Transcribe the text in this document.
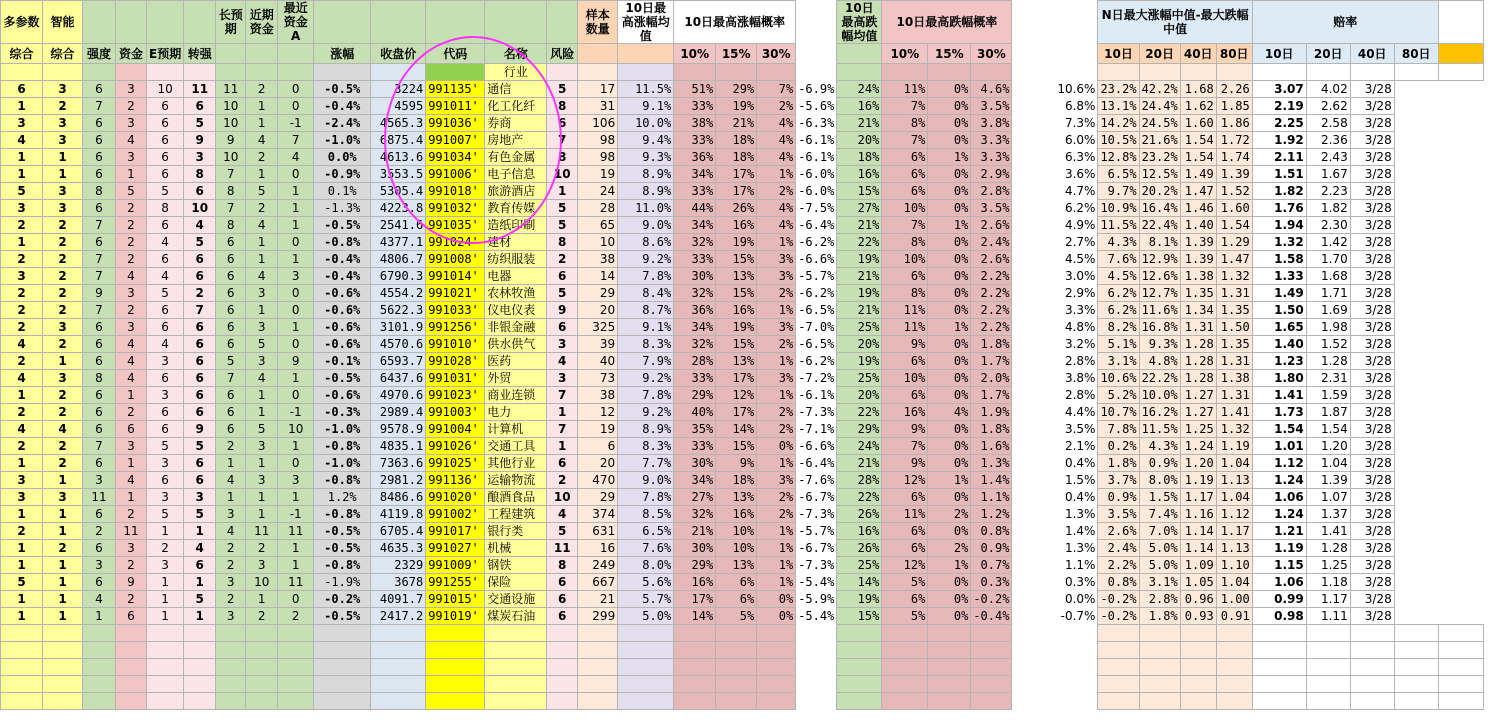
多参数	智能					长预期	近期资金	最近资金A						样本数量	10日最高涨幅均值	10日最高涨幅概率				10日最高跌幅均值	10日最高跌幅概率				N日最大涨幅中值-最大跌幅中值				赔率				
综合	综合	强度	资金	E预期	转强				涨幅	收盘价	代码	名称	风险			10%	15%	30%			10%	15%	30%		10日	20日	40日	80日	10日	20日	40日	80日	
												行业																					
6	3	6	3	10	11	11	2	0	-0.5%	3224	991135'	通信	5	17	11.5%	51%	29%	7%	-6.9%	24%	11%	0%	4.6%	10.6%	23.2%	42.2%	1.68	2.26	3.07	4.02	3/28		
1	2	7	2	6	6	10	1	0	-0.4%	4595	991011'	化工化纤	8	31	9.1%	33%	19%	2%	-5.6%	16%	7%	0%	3.5%	6.8%	13.1%	24.4%	1.62	1.85	2.19	2.62	3/28		
3	3	6	3	6	5	10	1	-1	-2.4%	4565.3	991036'	券商	6	106	10.0%	38%	21%	4%	-6.3%	21%	8%	0%	3.8%	7.3%	14.2%	24.5%	1.60	1.86	2.25	2.58	3/28		
4	3	6	4	6	9	9	4	7	-1.0%	6875.4	991007'	房地产	7	98	9.4%	33%	18%	4%	-6.1%	20%	7%	0%	3.3%	6.0%	10.5%	21.6%	1.54	1.72	1.92	2.36	3/28		
1	1	6	3	6	3	10	2	4	0.0%	4613.6	991034'	有色金属	8	98	9.3%	36%	18%	4%	-6.1%	18%	6%	1%	3.3%	6.3%	12.8%	23.2%	1.54	1.74	2.11	2.43	3/28		
1	1	6	1	6	8	7	1	0	-0.9%	3553.5	991006'	电子信息	10	19	8.9%	34%	17%	1%	-6.0%	16%	6%	0%	2.9%	3.6%	6.5%	12.5%	1.49	1.39	1.51	1.67	3/28		
5	3	8	5	5	6	8	5	1	0.1%	5305.4	991018'	旅游酒店	1	24	8.9%	33%	17%	2%	-6.0%	15%	6%	0%	2.8%	4.7%	9.7%	20.2%	1.47	1.52	1.82	2.23	3/28		
3	3	6	2	8	10	7	2	1	-1.3%	4223.8	991032'	教育传媒	5	28	11.0%	44%	26%	4%	-7.5%	27%	10%	0%	3.5%	6.2%	10.9%	16.4%	1.46	1.60	1.76	1.82	3/28		
2	2	7	2	6	4	8	4	1	-0.5%	2541.6	991035'	造纸印刷	5	65	9.0%	34%	16%	4%	-6.4%	21%	7%	1%	2.6%	4.9%	11.5%	22.4%	1.40	1.54	1.94	2.30	3/28		
1	2	6	2	4	5	6	1	0	-0.8%	4377.1	991024'	建材	8	10	8.6%	32%	19%	1%	-6.2%	22%	8%	0%	2.4%	2.7%	4.3%	8.1%	1.39	1.29	1.32	1.42	3/28		
2	2	7	2	6	6	6	1	1	-0.4%	4806.7	991008'	纺织服装	2	38	9.2%	33%	15%	3%	-6.6%	19%	10%	0%	2.6%	4.5%	7.6%	12.9%	1.39	1.47	1.58	1.70	3/28		
3	2	7	4	4	6	6	4	3	-0.4%	6790.3	991014'	电器	6	14	7.8%	30%	13%	3%	-5.7%	21%	6%	0%	2.2%	3.0%	4.5%	12.6%	1.38	1.32	1.33	1.68	3/28		
2	2	9	3	5	2	6	3	0	-0.6%	4554.2	991021'	农林牧渔	5	29	8.4%	32%	15%	2%	-6.2%	19%	8%	0%	2.2%	2.9%	6.2%	12.7%	1.35	1.31	1.49	1.71	3/28		
2	2	7	2	6	7	6	1	0	-0.6%	5622.3	991033'	仪电仪表	9	20	8.7%	36%	16%	1%	-6.5%	21%	11%	0%	2.2%	3.3%	6.2%	11.6%	1.34	1.35	1.50	1.69	3/28		
2	3	6	3	6	6	6	3	1	-0.6%	3101.9	991256'	非银金融	6	325	9.1%	34%	19%	3%	-7.0%	25%	11%	1%	2.2%	4.8%	8.2%	16.8%	1.31	1.50	1.65	1.98	3/28		
4	2	6	4	4	6	6	5	0	-0.6%	4570.6	991010'	供水供气	3	39	8.3%	32%	15%	2%	-6.5%	20%	9%	0%	1.8%	3.2%	5.1%	9.3%	1.28	1.35	1.40	1.52	3/28		
2	1	6	4	3	6	5	3	9	-0.1%	6593.7	991028'	医药	4	40	7.9%	28%	13%	1%	-6.2%	19%	6%	0%	1.7%	2.8%	3.1%	4.8%	1.28	1.31	1.23	1.28	3/28		
4	3	8	4	6	6	7	4	1	-0.5%	6437.6	991031'	外贸	3	73	9.2%	33%	17%	3%	-7.2%	25%	10%	0%	2.0%	3.8%	10.6%	22.2%	1.28	1.38	1.80	2.31	3/28		
1	2	6	1	3	6	6	1	0	-0.6%	4970.6	991023'	商业连锁	7	38	7.8%	29%	12%	1%	-6.1%	20%	6%	0%	1.7%	2.8%	5.2%	10.0%	1.27	1.31	1.41	1.59	3/28		
2	2	6	2	6	6	6	1	-1	-0.3%	2989.4	991003'	电力	1	12	9.2%	40%	17%	2%	-7.3%	22%	16%	4%	1.9%	4.4%	10.7%	16.2%	1.27	1.41	1.73	1.87	3/28		
4	4	6	6	6	9	6	5	10	-1.0%	9578.9	991004'	计算机	7	19	8.9%	35%	14%	2%	-7.1%	29%	9%	0%	1.8%	3.5%	7.8%	11.5%	1.25	1.32	1.54	1.54	3/28		
2	2	7	3	5	5	2	3	1	-0.8%	4835.1	991026'	交通工具	1	6	8.3%	33%	15%	0%	-6.6%	24%	7%	0%	1.6%	2.1%	0.2%	4.3%	1.24	1.19	1.01	1.20	3/28		
1	2	6	1	3	6	1	1	0	-1.0%	7363.6	991025'	其他行业	6	20	7.7%	30%	9%	1%	-6.4%	21%	9%	0%	1.3%	0.4%	1.8%	0.9%	1.20	1.04	1.12	1.04	3/28		
3	1	3	4	6	6	4	3	3	-0.8%	2981.2	991136'	运输物流	2	470	9.0%	34%	18%	3%	-7.6%	28%	12%	1%	1.4%	1.5%	3.7%	8.0%	1.19	1.13	1.24	1.39	3/28		
3	3	11	1	3	3	1	1	1	1.2%	8486.6	991020'	酿酒食品	10	29	7.8%	27%	13%	2%	-6.7%	22%	6%	0%	1.1%	0.4%	0.9%	1.5%	1.17	1.04	1.06	1.07	3/28		
1	1	6	2	5	5	3	1	-1	-0.8%	4119.8	991002'	工程建筑	4	374	8.5%	32%	16%	2%	-7.3%	26%	11%	2%	1.2%	1.3%	3.5%	7.4%	1.16	1.12	1.24	1.37	3/28		
2	1	2	11	1	1	4	11	11	-0.5%	6705.4	991017'	银行类	5	631	6.5%	21%	10%	1%	-5.7%	16%	6%	0%	0.8%	1.4%	2.6%	7.0%	1.14	1.17	1.21	1.41	3/28		
1	2	6	3	2	4	2	2	1	-0.5%	4635.3	991027'	机械	11	16	7.6%	30%	10%	1%	-6.7%	26%	6%	2%	0.9%	1.3%	2.4%	5.0%	1.14	1.13	1.19	1.28	3/28		
1	1	3	2	3	6	2	3	1	-0.8%	2329	991009'	钢铁	8	249	8.0%	29%	13%	1%	-7.3%	25%	12%	1%	0.7%	1.1%	2.2%	5.0%	1.09	1.10	1.15	1.25	3/28		
5	1	6	9	1	1	3	10	11	-1.9%	3678	991255'	保险	6	667	5.6%	16%	6%	1%	-5.4%	14%	5%	0%	0.3%	0.3%	0.8%	3.1%	1.05	1.04	1.06	1.18	3/28		
1	1	4	2	1	5	2	1	0	-0.2%	4091.7	991015'	交通设施	6	21	5.7%	17%	6%	0%	-5.9%	19%	6%	0%	-0.2%	0.0%	-0.2%	2.8%	0.96	1.00	0.99	1.17	3/28		
1	1	1	6	1	1	3	2	2	-0.5%	2417.2	991019'	煤炭石油	6	299	5.0%	14%	5%	0%	-5.4%	15%	5%	0%	-0.4%	-0.7%	-0.2%	1.8%	0.93	0.91	0.98	1.11	3/28		
